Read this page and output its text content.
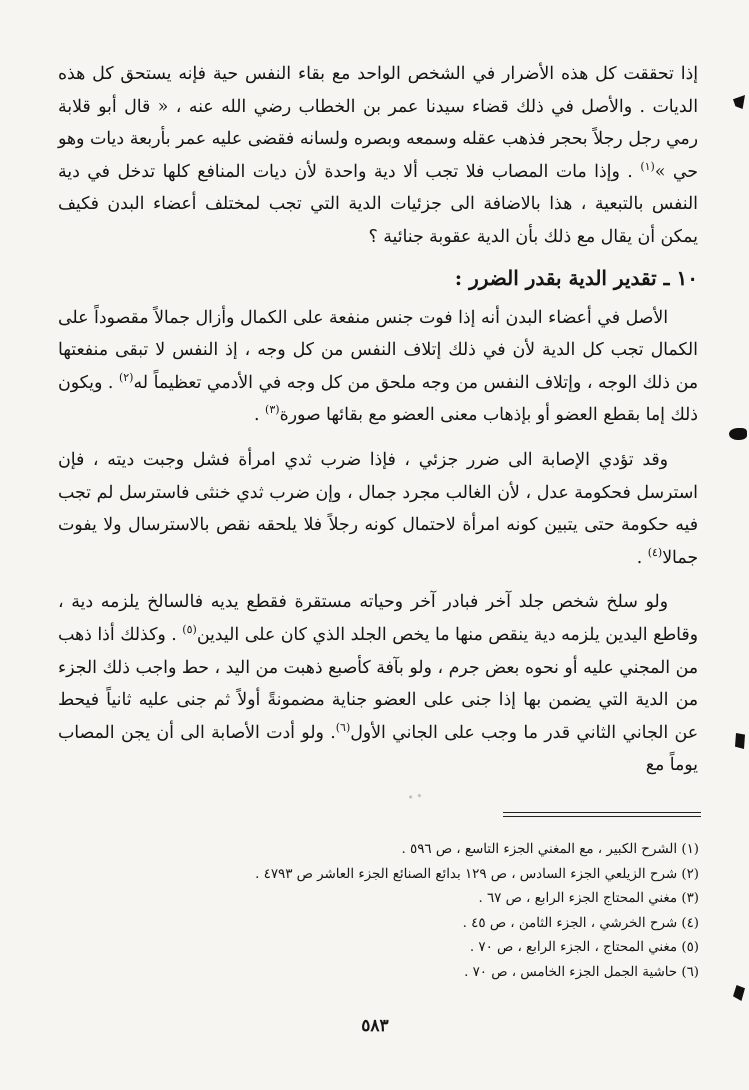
إذا تحققت كل هذه الأضرار في الشخص الواحد مع بقاء النفس حية فإنه يستحق كل هذه الديات . والأصل في ذلك قضاء سيدنا عمر بن الخطاب رضي الله عنه ، « قال أبو قلابة رمي رجل رجلاً بحجر فذهب عقله وسمعه وبصره ولسانه فقضى عليه عمر بأربعة ديات وهو حي »$^{(١)}$ . وإذا مات المصاب فلا تجب ألا دية واحدة لأن ديات المنافع كلها تدخل في دية النفس بالتبعية ، هذا بالاضافة الى جزئيات الدية التي تجب لمختلف أعضاء البدن فكيف يمكن أن يقال مع ذلك بأن الدية عقوبة جنائية ؟

١٠ ـ تقدير الدية بقدر الضرر :

الأصل في أعضاء البدن أنه إذا فوت جنس منفعة على الكمال وأزال جمالاً مقصوداً على الكمال تجب كل الدية لأن في ذلك إتلاف النفس من كل وجه ، إذ النفس لا تبقى منفعتها من ذلك الوجه ، وإتلاف النفس من وجه ملحق من كل وجه في الأدمي تعظيماً له$^{(٢)}$ . ويكون ذلك إما بقطع العضو أو بإذهاب معنى العضو مع بقائها صورة$^{(٣)}$ .

وقد تؤدي الإصابة الى ضرر جزئي ، فإذا ضرب ثدي امرأة فشل وجبت ديته ، فإن استرسل فحكومة عدل ، لأن الغالب مجرد جمال ، وإن ضرب ثدي خنثى فاسترسل لم تجب فيه حكومة حتى يتبين كونه امرأة لاحتمال كونه رجلاً فلا يلحقه نقص بالاسترسال ولا يفوت جمالا$^{(٤)}$ .

ولو سلخ شخص جلد آخر فبادر آخر وحياته مستقرة فقطع يديه فالسالخ يلزمه دية ، وقاطع اليدين يلزمه دية ينقص منها ما يخص الجلد الذي كان على اليدين$^{(٥)}$ . وكذلك أذا ذهب من المجني عليه أو نحوه بعض جرم ، ولو بآفة كأصبع ذهبت من اليد ، حط واجب ذلك الجزء من الدية التي يضمن بها إذا جنى على العضو جناية مضمونةً أولاً ثم جنى عليه ثانياً فيحط عن الجاني الثاني قدر ما وجب على الجاني الأول$^{(٦)}$. ولو أدت الأصابة الى أن يجن المصاب يوماً مع

(١) الشرح الكبير ، مع المغني الجزء التاسع ، ص ٥٩٦ .
(٢) شرح الزيلعي الجزء السادس ، ص ١٢٩ بدائع الصنائع الجزء العاشر ص ٤٧٩٣ .
(٣) مغني المحتاج الجزء الرابع ، ص ٦٧ .
(٤) شرح الخرشي ، الجزء الثامن ، ص ٤٥ .
(٥) مغني المحتاج ، الجزء الرابع ، ص ٧٠ .
(٦) حاشية الجمل الجزء الخامس ، ص ٧٠ .
٥٨٣
